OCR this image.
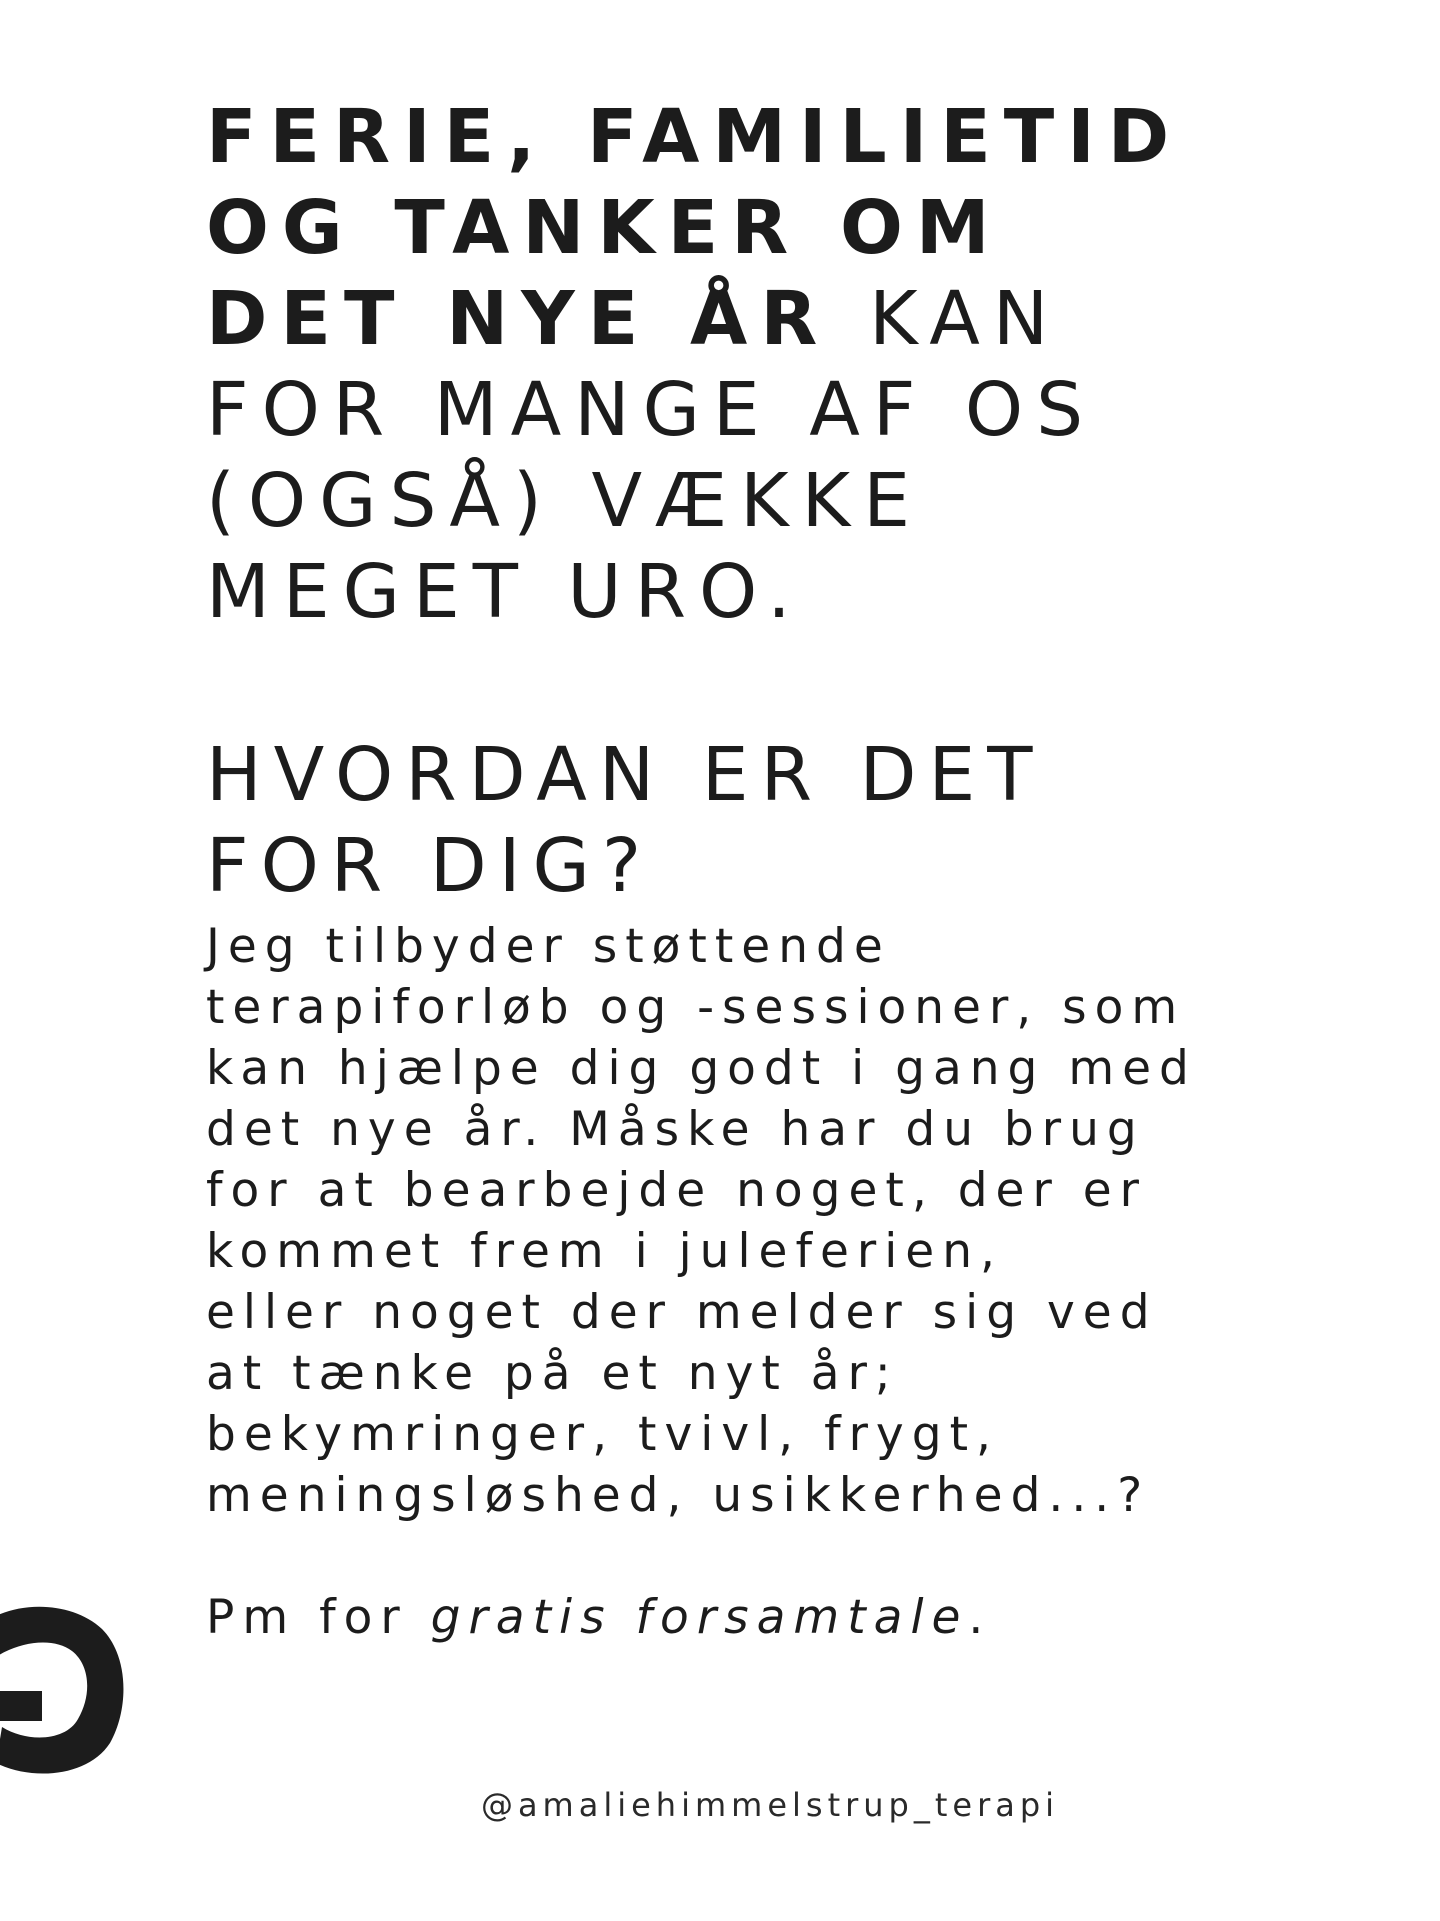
FERIE, FAMILIETID
OG TANKER OM
DET NYE ÅR KAN
FOR MANGE AF OS
(OGSÅ) VÆKKE
MEGET URO.
HVORDAN ER DET
FOR DIG?

Jeg tilbyder støttende
terapiforløb og -sessioner, som
kan hjælpe dig godt i gang med
det nye år. Måske har du brug
for at bearbejde noget, der er
kommet frem i juleferien,
eller noget der melder sig ved
at tænke på et nyt år;
bekymringer, tvivl, frygt,
meningsløshed, usikkerhed...?

Pm for gratis forsamtale.

@amaliehimmelstrup_terapi
